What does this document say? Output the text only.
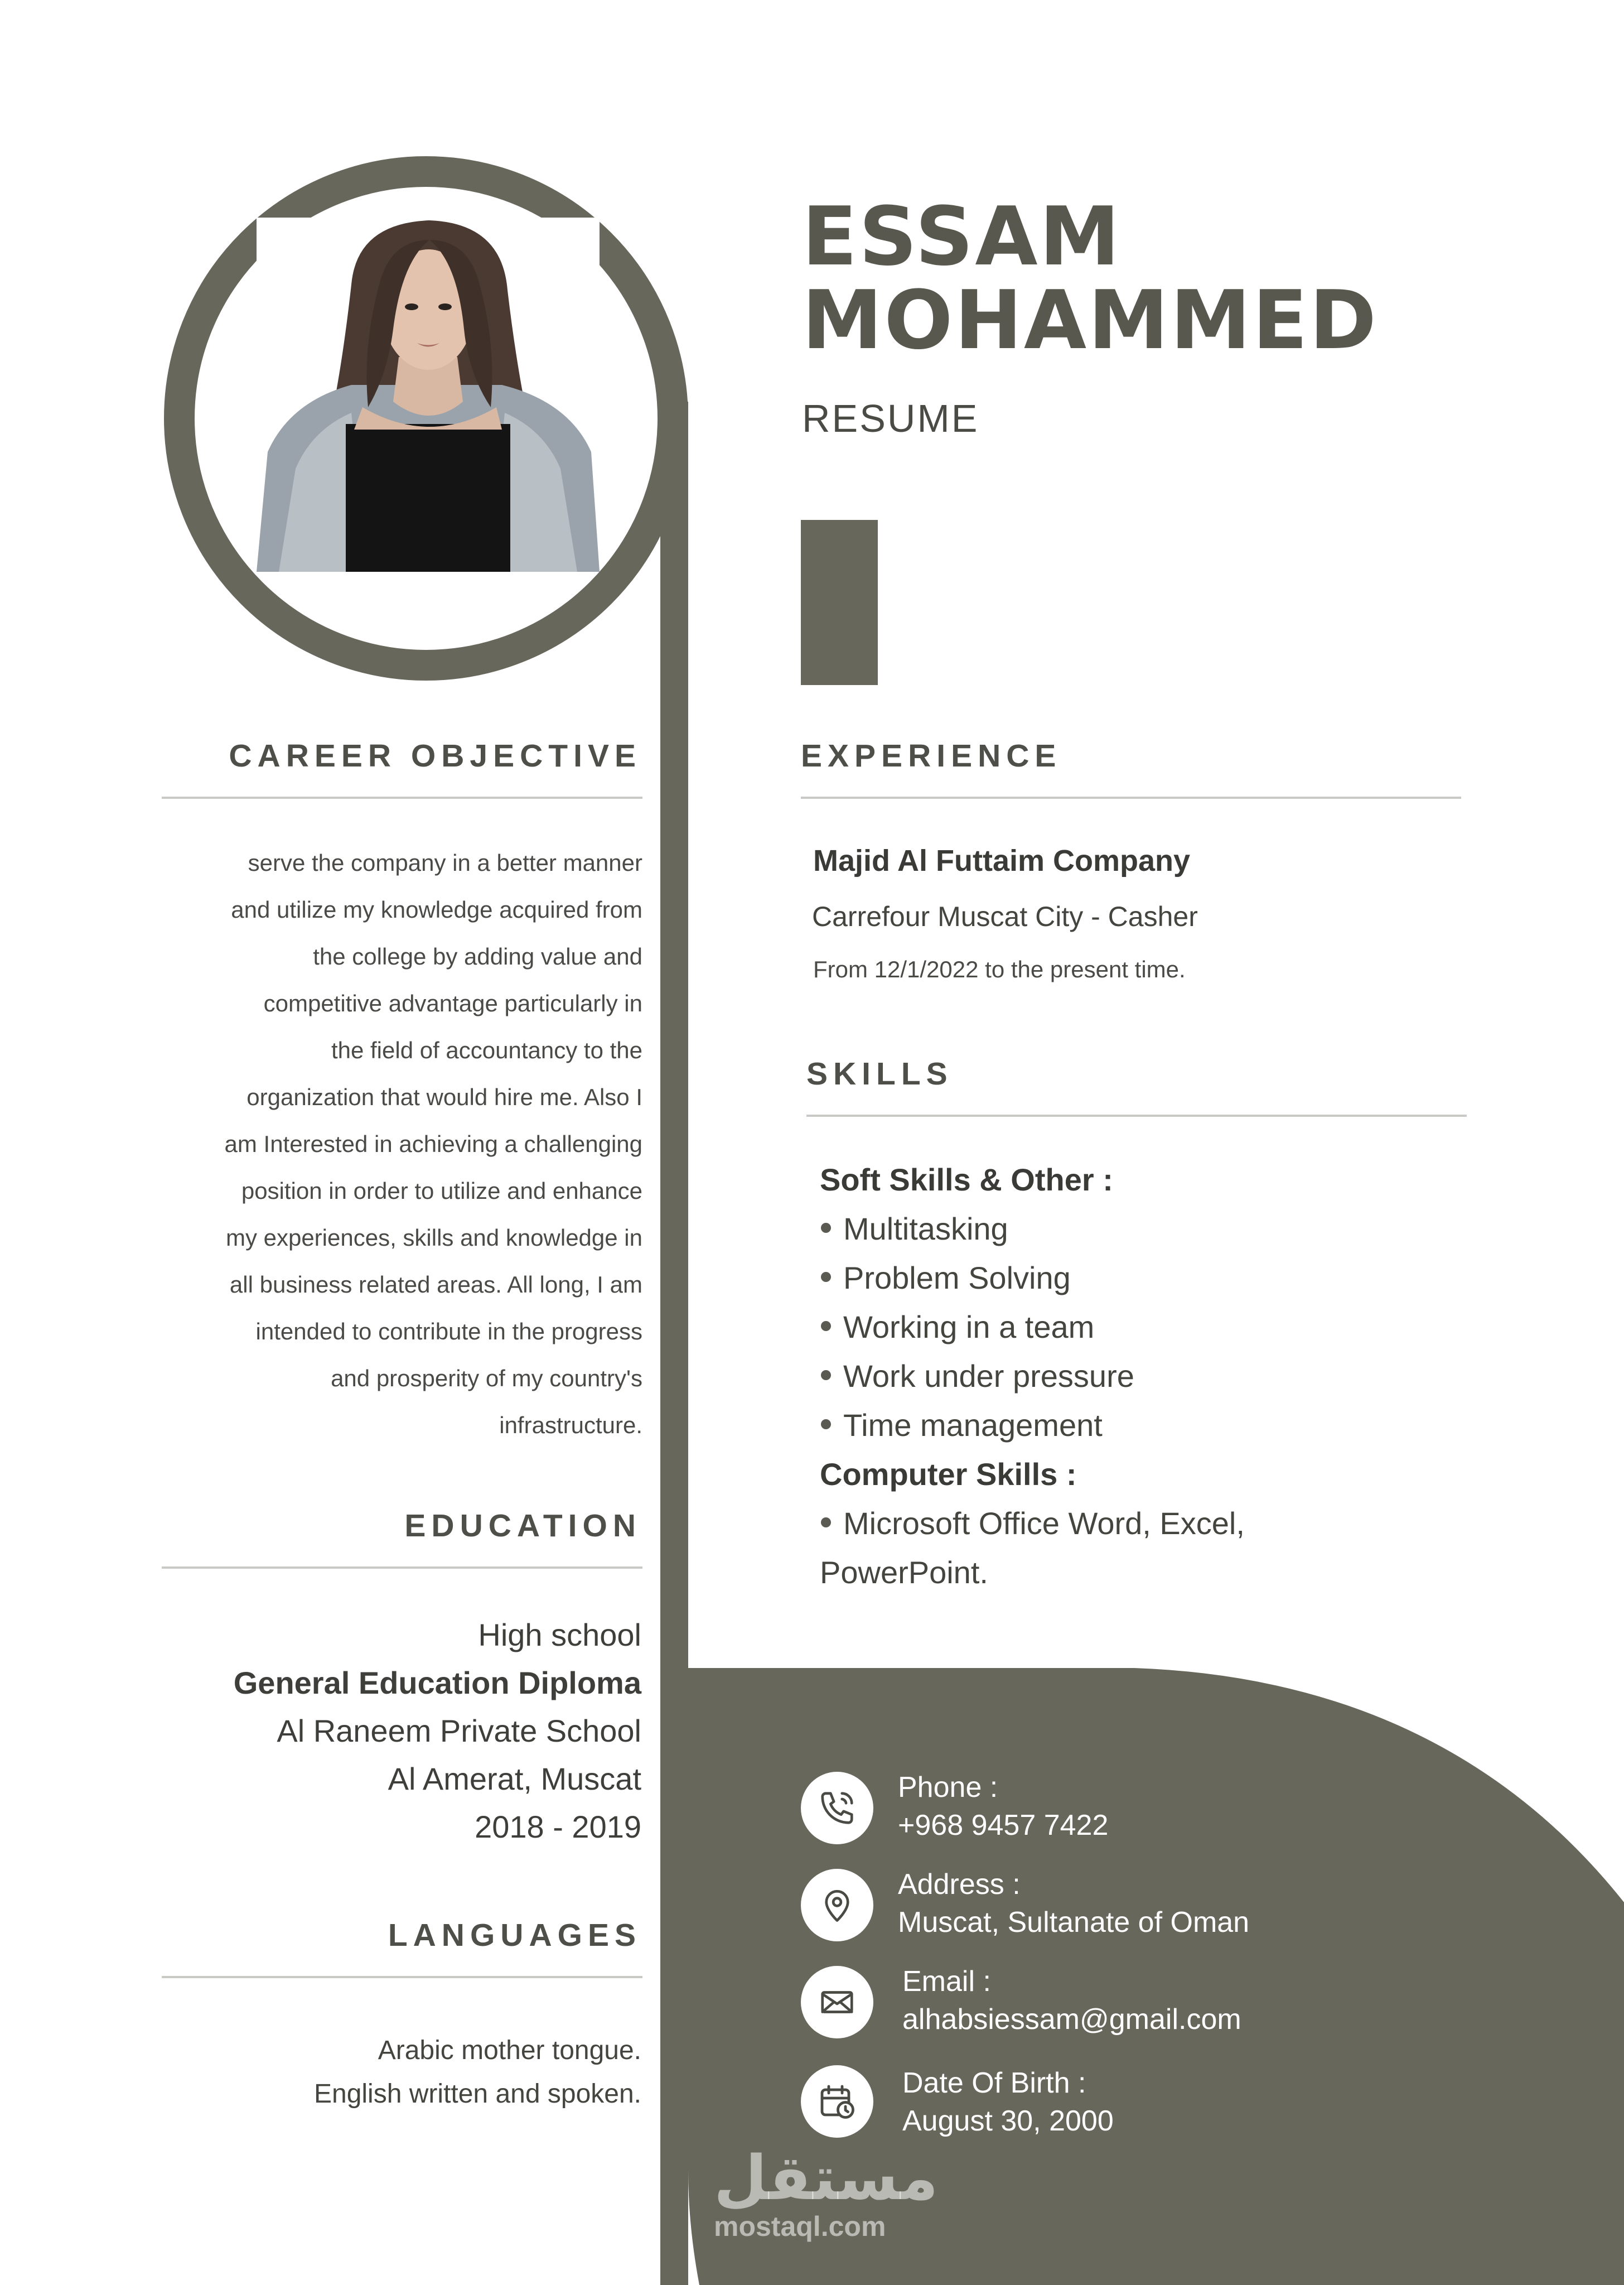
ESSAM
MOHAMMED
RESUME
CAREER OBJECTIVE
serve the company in a better manner
and utilize my knowledge acquired from
the college by adding value and
competitive advantage particularly in
the field of accountancy to the
organization that would hire me. Also I
am Interested in achieving a challenging
position in order to utilize and enhance
my experiences, skills and knowledge in
all business related areas. All long, I am
intended to contribute in the progress
and prosperity of my country's
infrastructure.
EDUCATION
High school
General Education Diploma
Al Raneem Private School
Al Amerat, Muscat
2018 - 2019
LANGUAGES
Arabic mother tongue.
English written and spoken.
EXPERIENCE
Majid Al Futtaim Company
Carrefour Muscat City - Casher
From 12/1/2022 to the present time.
SKILLS
Soft Skills & Other :
Multitasking
Problem Solving
Working in a team
Work under pressure
Time management
Computer Skills :
Microsoft Office Word, Excel,
PowerPoint.
Phone :
+968 9457 7422
Address :
Muscat, Sultanate of Oman
Email :
alhabsiessam@gmail.com
Date Of Birth :
August 30, 2000
مستقل
mostaql.com
